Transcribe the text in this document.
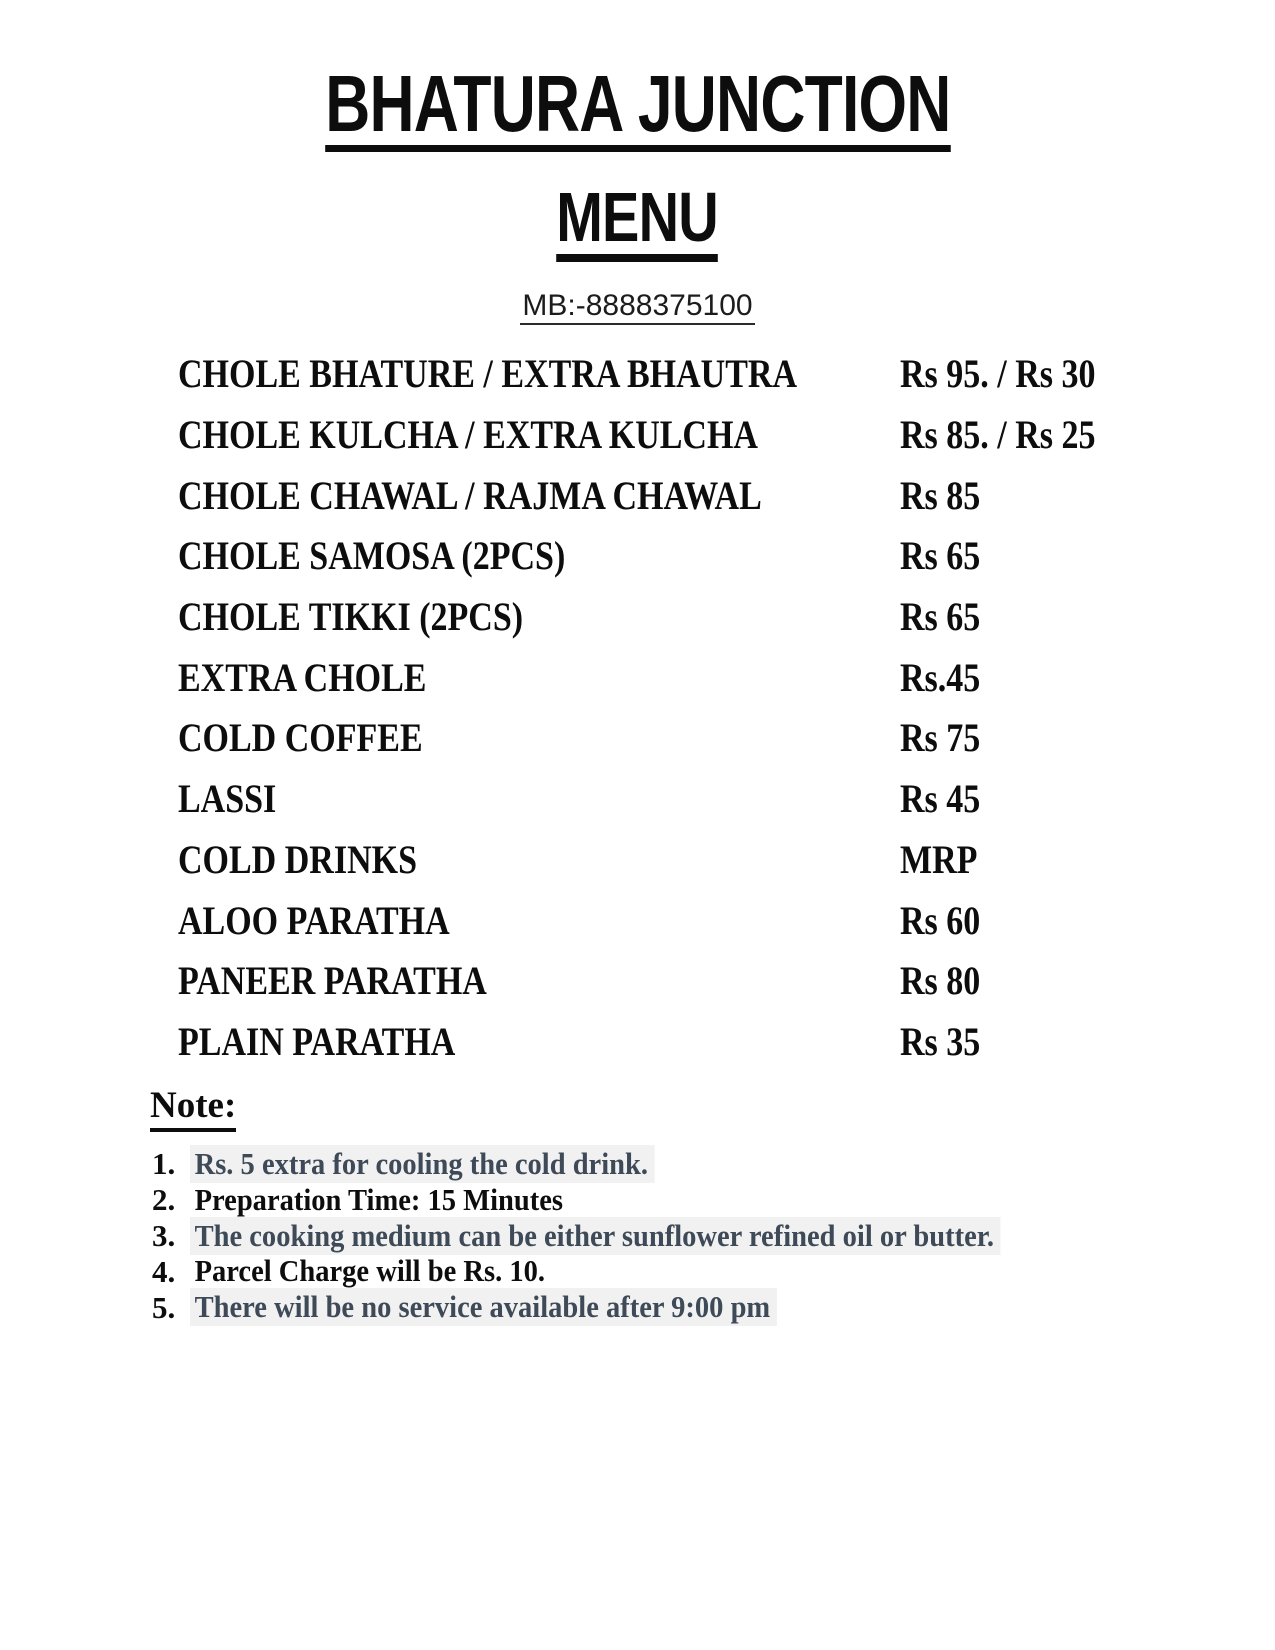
BHATURA JUNCTION
MENU
MB:-8888375100
CHOLE BHATURE / EXTRA BHAUTRA	Rs 95. / Rs 30
CHOLE KULCHA / EXTRA KULCHA	Rs 85. / Rs 25
CHOLE CHAWAL / RAJMA CHAWAL	Rs 85
CHOLE SAMOSA (2PCS)	Rs 65
CHOLE TIKKI (2PCS)	Rs 65
EXTRA CHOLE	Rs.45
COLD COFFEE	Rs 75
LASSI	Rs 45
COLD DRINKS	MRP
ALOO PARATHA	Rs 60
PANEER PARATHA	Rs 80
PLAIN PARATHA	Rs 35
Note:
1. Rs. 5 extra for cooling the cold drink.
2. Preparation Time: 15 Minutes
3. The cooking medium can be either sunflower refined oil or butter.
4. Parcel Charge will be Rs. 10.
5. There will be no service available after 9:00 pm
